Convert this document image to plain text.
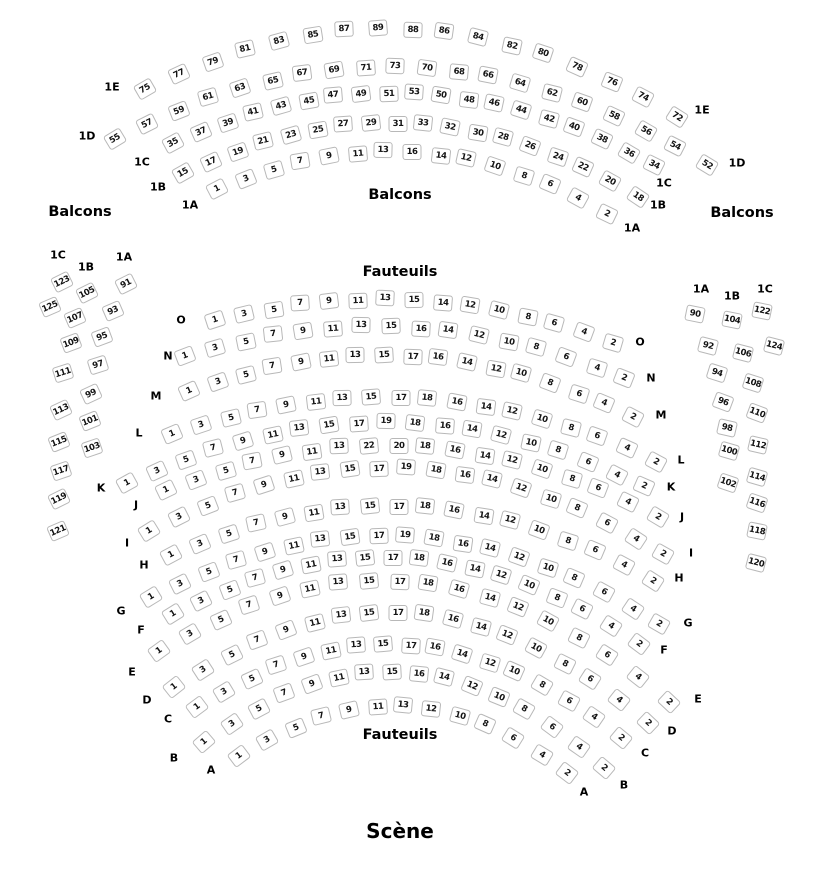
Balcons
Balcons
Balcons
Fauteuils
Fauteuils
Scène
1
3	5
7	9	11	13	15	14	12	10
8	6
4
2
1
3
5
7	9	11	13	15	16	14	12
10	8
6
4
2
1
3
5
7	9	11	13	15	17	16	14
12	10
8
6
4
2
1
3
5
7	9	11	13	15	17	18	16	14	12
10
8
6
4
2
1
3
5
7
9	11
13	15	17	19	18	16	14
12
10
8
6
4
2
1
3
5
7
9	11	13	22	20	18	16	14	12
10
8
6
4
2
1
3
5
7
9
11
13	15	17	19	18	16	14
12
10
8
6
4
2
1
3
5
7
9	11	13	15	17	18	16	14	12
10
8
6
4
2
1
3
5
7
9	11
13	15	17	19	18	16	14
12
10
8
6
4
2
1
3
5
7
9	11
13	15	17	18	16
14	12
10
8
6
4
2
1
3
5
7
9
11
13	15	17	18
16
14
12
10
8
6
4
2
1
3
5
7
9
11
13	15	17	18	16
14
12
10
8
6
4
2
1
3
5
7
9	11
13	15	17	16
14
12
10
8
6
4
2
1
3
5
7
9
11
13	15	16	14
12
10
8
6
4
2
1
3
5
7
9	11	13	12
10
8
6
4
2
75
77
79
81
83	85
87	89	88	86	84
82
80
78
76
74
72
55
57
59
61
63
65
67	69	71	73	70	68	66
64
62
60
58
56
54
52
35
37
39
41	43	45
47	49	51	53	50	48	46
44
42
40
38
36
34
15
17
19
21	23	25	27	29	31	33	32	30	28
26
24
22
20
18
1
3
5
7	9	11	13	16	14	12
10
8
6
4
2
O
O
N
N
M
M
L
L
K	K
J
J
I
I
H
H
G
G
F
F
E
E
D
D
C
C
B
B
A
A
1E
1E
1D
1D
1C
1C
1B
1B
1A
1A
1C
123
125
1B
105
107
109
111
113
115
117
119
121
1A
91
93
95
97
99
101
103
1A
90
92
94
96
98
100
102
1B
104
106
108
110
112
114
116
118
120
1C
122
124
